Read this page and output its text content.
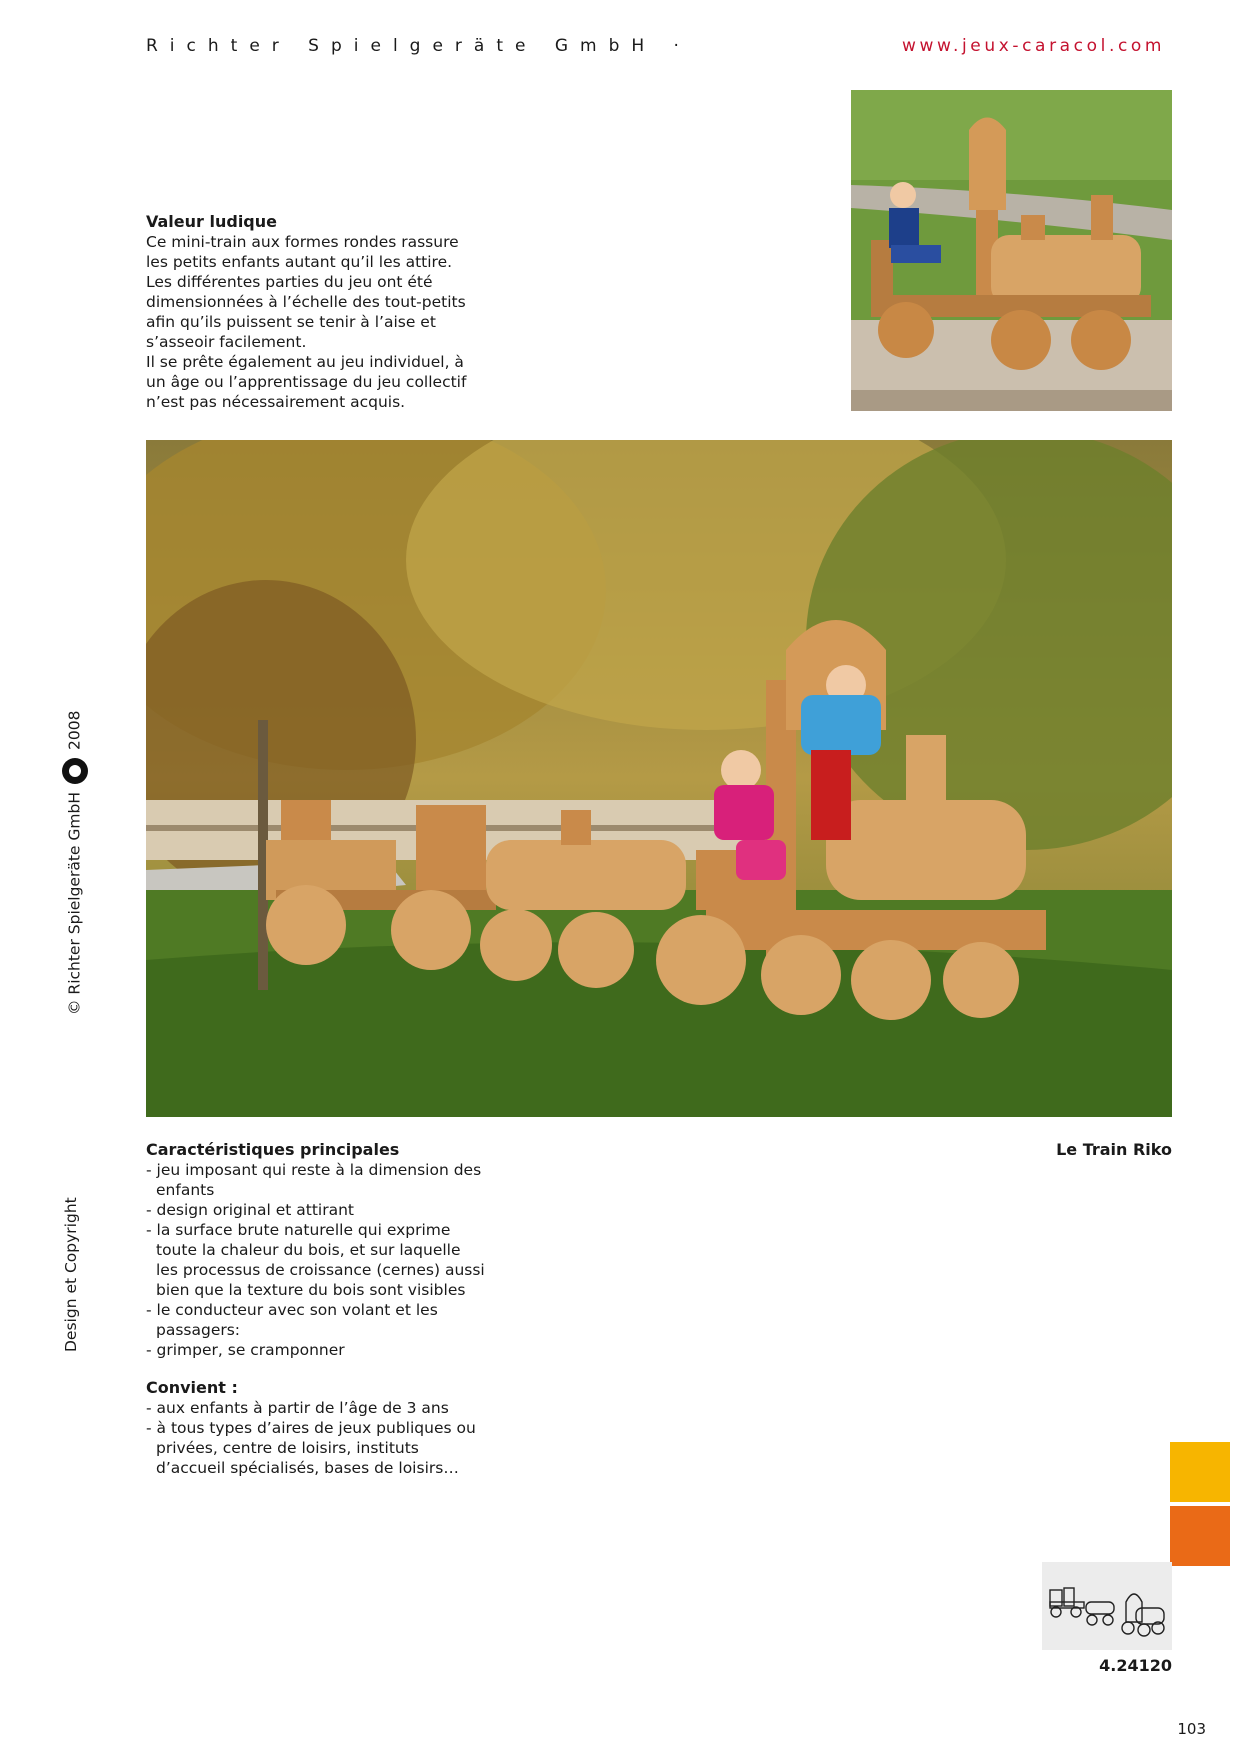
Richter Spielgeräte GmbH ·	www.jeux-caracol.com
Valeur ludique
Ce mini-train aux formes rondes rassure
les petits enfants autant qu’il les attire.
Les différentes parties du jeu ont été
dimensionnées à l’échelle des tout-petits
afin qu’ils puissent se tenir à l’aise et
s’asseoir facilement.
Il se prête également au jeu individuel, à
un âge ou l’apprentissage du jeu collectif
n’est pas nécessairement acquis.
Caractéristiques principales
- jeu imposant qui reste à la dimension des enfants
- design original et attirant
- la surface brute naturelle qui exprime toute la chaleur du bois, et sur laquelle les processus de croissance (cernes) aussi bien que la texture du bois sont visibles
- le conducteur avec son volant et les passagers:
- grimper, se cramponner
Convient :
- aux enfants à partir de l’âge de 3 ans
- à tous types d’aires de jeux publiques ou privées, centre de loisirs, instituts d’accueil spécialisés, bases de loisirs…
Le Train Riko
© Richter Spielgeräte GmbH2008
Design et Copyright
4.24120
103
